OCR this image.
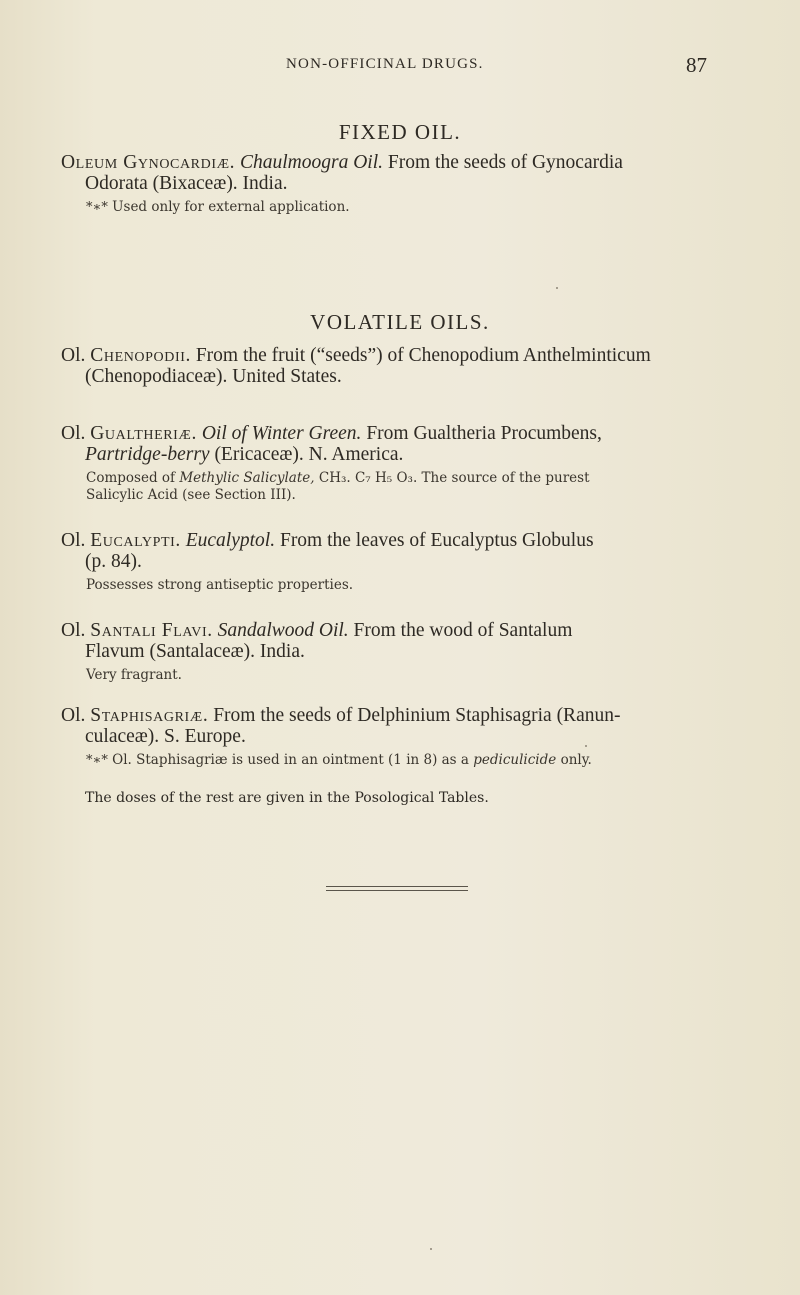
NON-OFFICINAL DRUGS.	87
FIXED OIL.
Oleum Gynocardiæ. Chaulmoogra Oil. From the seeds of Gynocardia
Odorata (Bixaceæ). India.
*∗* Used only for external application.
VOLATILE OILS.
Ol. Chenopodii. From the fruit (“seeds”) of Chenopodium Anthelminticum
(Chenopodiaceæ). United States.
Ol. Gualtheriæ. Oil of Winter Green. From Gualtheria Procumbens,
Partridge-berry (Ericaceæ). N. America.
Composed of Methylic Salicylate, CH₃. C₇ H₅ O₃. The source of the purest
Salicylic Acid (see Section III).
Ol. Eucalypti. Eucalyptol. From the leaves of Eucalyptus Globulus
(p. 84).
Possesses strong antiseptic properties.
Ol. Santali Flavi. Sandalwood Oil. From the wood of Santalum
Flavum (Santalaceæ). India.
Very fragrant.
Ol. Staphisagriæ. From the seeds of Delphinium Staphisagria (Ranun-
culaceæ). S. Europe.
*∗* Ol. Staphisagriæ is used in an ointment (1 in 8) as a pediculicide only.
The doses of the rest are given in the Posological Tables.
